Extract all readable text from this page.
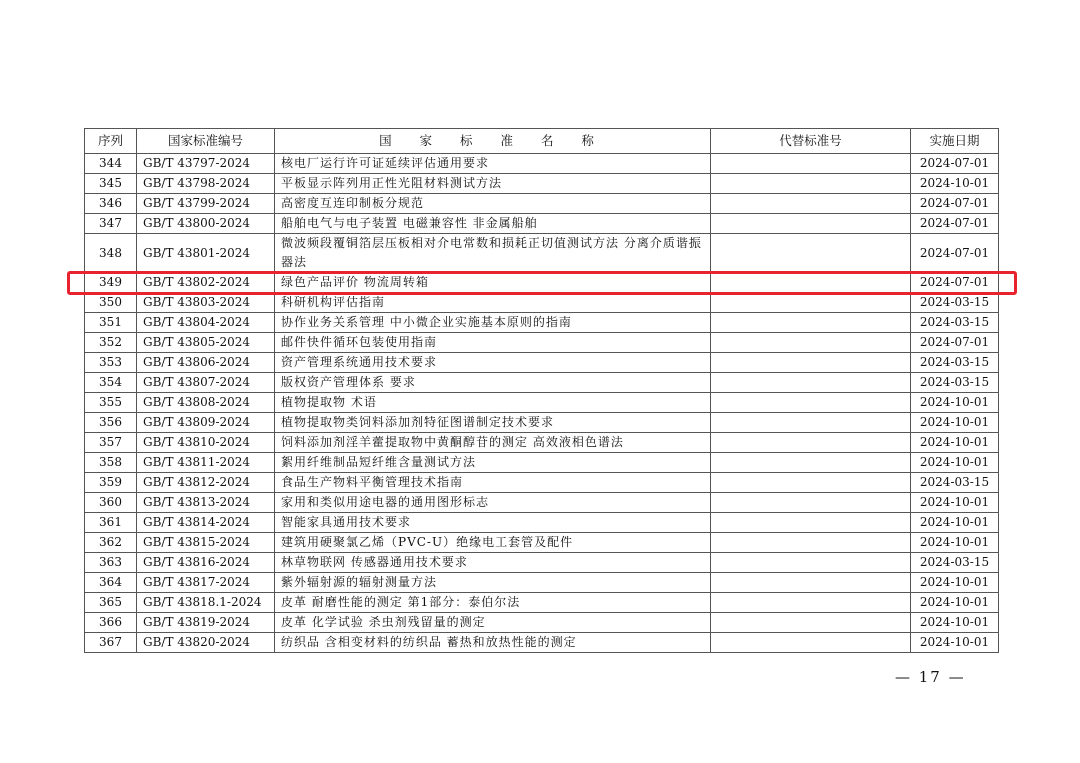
序列	国家标准编号	国 家 标 准 名 称	代替标准号	实施日期
344	GB/T 43797-2024	核电厂运行许可证延续评估通用要求		2024-07-01
345	GB/T 43798-2024	平板显示阵列用正性光阻材料测试方法		2024-10-01
346	GB/T 43799-2024	高密度互连印制板分规范		2024-07-01
347	GB/T 43800-2024	船舶电气与电子装置 电磁兼容性 非金属船舶		2024-07-01
348	GB/T 43801-2024	微波频段覆铜箔层压板相对介电常数和损耗正切值测试方法 分离介质谐振器法		2024-07-01
349	GB/T 43802-2024	绿色产品评价 物流周转箱		2024-07-01
350	GB/T 43803-2024	科研机构评估指南		2024-03-15
351	GB/T 43804-2024	协作业务关系管理 中小微企业实施基本原则的指南		2024-03-15
352	GB/T 43805-2024	邮件快件循环包装使用指南		2024-07-01
353	GB/T 43806-2024	资产管理系统通用技术要求		2024-03-15
354	GB/T 43807-2024	版权资产管理体系 要求		2024-03-15
355	GB/T 43808-2024	植物提取物 术语		2024-10-01
356	GB/T 43809-2024	植物提取物类饲料添加剂特征图谱制定技术要求		2024-10-01
357	GB/T 43810-2024	饲料添加剂淫羊藿提取物中黄酮醇苷的测定 高效液相色谱法		2024-10-01
358	GB/T 43811-2024	絮用纤维制品短纤维含量测试方法		2024-10-01
359	GB/T 43812-2024	食品生产物料平衡管理技术指南		2024-03-15
360	GB/T 43813-2024	家用和类似用途电器的通用图形标志		2024-10-01
361	GB/T 43814-2024	智能家具通用技术要求		2024-10-01
362	GB/T 43815-2024	建筑用硬聚氯乙烯（PVC-U）绝缘电工套管及配件		2024-10-01
363	GB/T 43816-2024	林草物联网 传感器通用技术要求		2024-03-15
364	GB/T 43817-2024	紫外辐射源的辐射测量方法		2024-10-01
365	GB/T 43818.1-2024	皮革 耐磨性能的测定 第1部分：泰伯尔法		2024-10-01
366	GB/T 43819-2024	皮革 化学试验 杀虫剂残留量的测定		2024-10-01
367	GB/T 43820-2024	纺织品 含相变材料的纺织品 蓄热和放热性能的测定		2024-10-01
— 17 —
